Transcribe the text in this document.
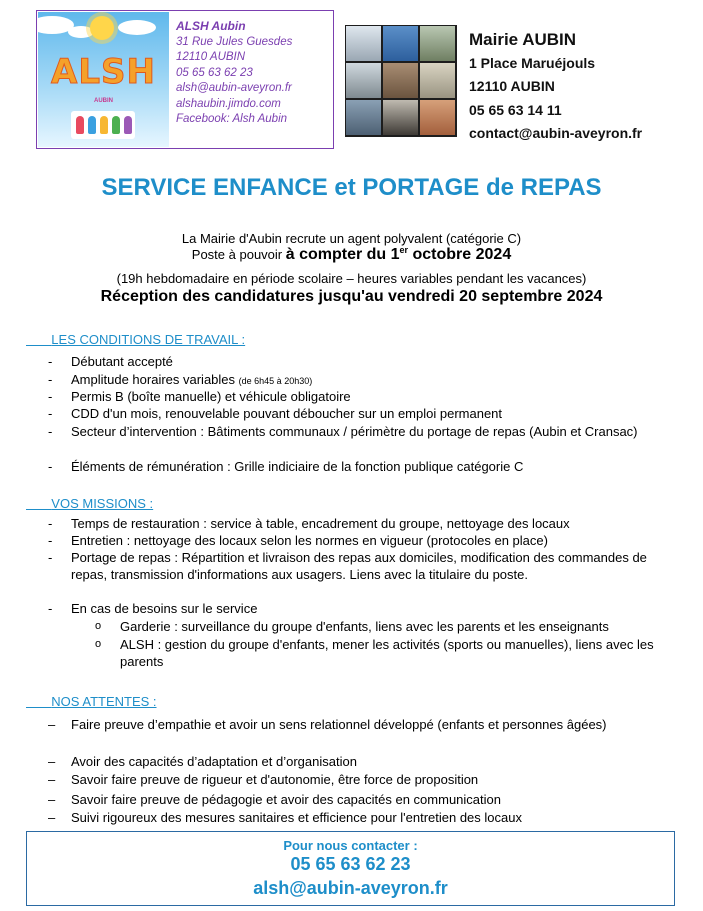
ALSH
AUBIN
ALSH Aubin
31 Rue Jules Guesdes
12110 AUBIN
05 65 63 62 23
alsh@aubin-aveyron.fr
alshaubin.jimdo.com
Facebook: Alsh Aubin
Mairie AUBIN
1 Place Maruéjouls
12110 AUBIN
05 65 63 14 11
contact@aubin-aveyron.fr
SERVICE ENFANCE et PORTAGE de REPAS
La Mairie d'Aubin recrute un agent polyvalent (catégorie C)
Poste à pouvoir à compter du 1er octobre 2024
(19h hebdomadaire en période scolaire – heures variables pendant les vacances)
Réception des candidatures jusqu'au vendredi 20 septembre 2024
LES CONDITIONS DE TRAVAIL :
- Débutant accepté
- Amplitude horaires variables (de 6h45 à 20h30)
- Permis B (boîte manuelle) et véhicule obligatoire
- CDD d'un mois, renouvelable pouvant déboucher sur un emploi permanent
- Secteur d’intervention : Bâtiments communaux / périmètre du portage de repas (Aubin et Cransac)
- Éléments de rémunération : Grille indiciaire de la fonction publique catégorie C
VOS MISSIONS :
- Temps de restauration : service à table, encadrement du groupe, nettoyage des locaux
- Entretien : nettoyage des locaux selon les normes en vigueur (protocoles en place)
- Portage de repas : Répartition et livraison des repas aux domiciles, modification des commandes de repas, transmission d'informations aux usagers. Liens avec la titulaire du poste.
- En cas de besoins sur le service
o Garderie : surveillance du groupe d'enfants, liens avec les parents et les enseignants
o ALSH : gestion du groupe d'enfants, mener les activités (sports ou manuelles), liens avec les parents
NOS ATTENTES :
– Faire preuve d’empathie et avoir un sens relationnel développé (enfants et personnes âgées)
– Avoir des capacités d’adaptation et d’organisation
– Savoir faire preuve de rigueur et d'autonomie, être force de proposition
– Savoir faire preuve de pédagogie et avoir des capacités en communication
– Suivi rigoureux des mesures sanitaires et efficience pour l'entretien des locaux
Pour nous contacter :
05 65 63 62 23
alsh@aubin-aveyron.fr
